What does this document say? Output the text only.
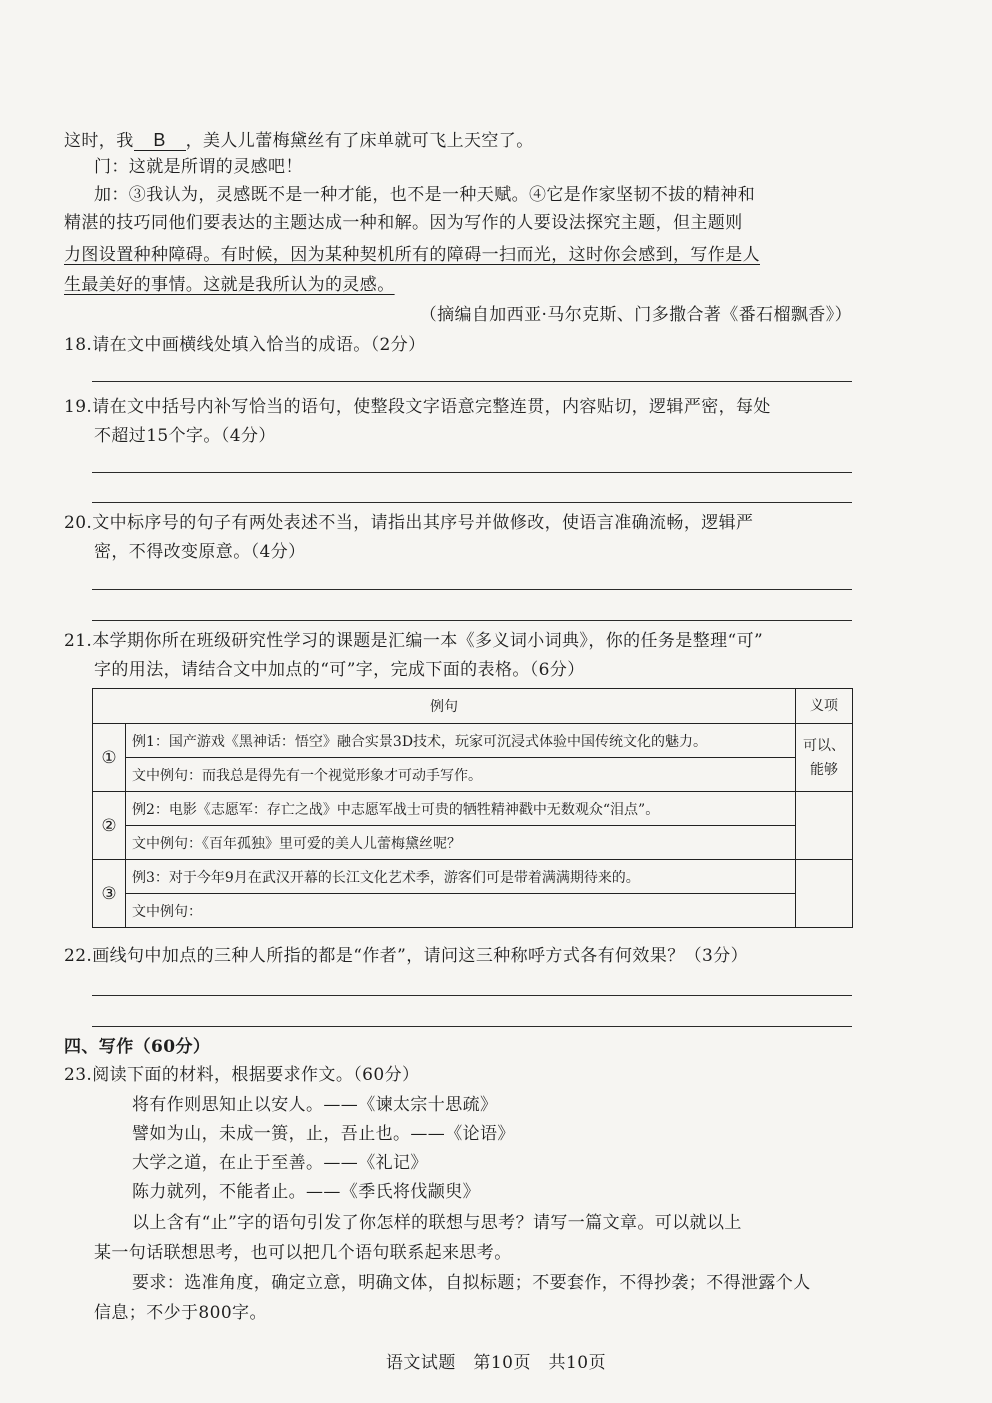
这时，我 B ，美人儿蕾梅黛丝有了床单就可飞上天空了。
门：这就是所谓的灵感吧！
加：③我认为，灵感既不是一种才能，也不是一种天赋。④它是作家坚韧不拔的精神和
精湛的技巧同他们要表达的主题达成一种和解。因为写作的人要设法探究主题，但主题则
力图设置种种障碍。有时候，因为某种契机所有的障碍一扫而光，这时你会感到，写作是人
生最美好的事情。这就是我所认为的灵感。
（摘编自加西亚·马尔克斯、门多撒合著《番石榴飘香》）
18.请在文中画横线处填入恰当的成语。（2分）
19.请在文中括号内补写恰当的语句，使整段文字语意完整连贯，内容贴切，逻辑严密，每处
不超过15个字。（4分）
20.文中标序号的句子有两处表述不当，请指出其序号并做修改，使语言准确流畅，逻辑严
密，不得改变原意。（4分）
21.本学期你所在班级研究性学习的课题是汇编一本《多义词小词典》，你的任务是整理“可”
字的用法，请结合文中加点的“可”字，完成下面的表格。（6分）
例句		义项
①	例1：国产游戏《黑神话：悟空》融合实景3D技术，玩家可沉浸式体验中国传统文化的魅力。	可以、能够
	文中例句：而我总是得先有一个视觉形象才可动手写作。	
②	例2：电影《志愿军：存亡之战》中志愿军战士可贵的牺牲精神戳中无数观众“泪点”。	
	文中例句：《百年孤独》里可爱的美人儿蕾梅黛丝呢？	
③	例3：对于今年9月在武汉开幕的长江文化艺术季，游客们可是带着满满期待来的。	
	文中例句：	
22.画线句中加点的三种人所指的都是“作者”，请问这三种称呼方式各有何效果？（3分）
四、写作（60分）
23.阅读下面的材料，根据要求作文。（60分）
将有作则思知止以安人。——《谏太宗十思疏》
譬如为山，未成一篑，止，吾止也。——《论语》
大学之道，在止于至善。——《礼记》
陈力就列，不能者止。——《季氏将伐颛臾》
以上含有“止”字的语句引发了你怎样的联想与思考？请写一篇文章。可以就以上
某一句话联想思考，也可以把几个语句联系起来思考。
要求：选准角度，确定立意，明确文体，自拟标题；不要套作，不得抄袭；不得泄露个人
信息；不少于800字。
语文试题　第10页　共10页
